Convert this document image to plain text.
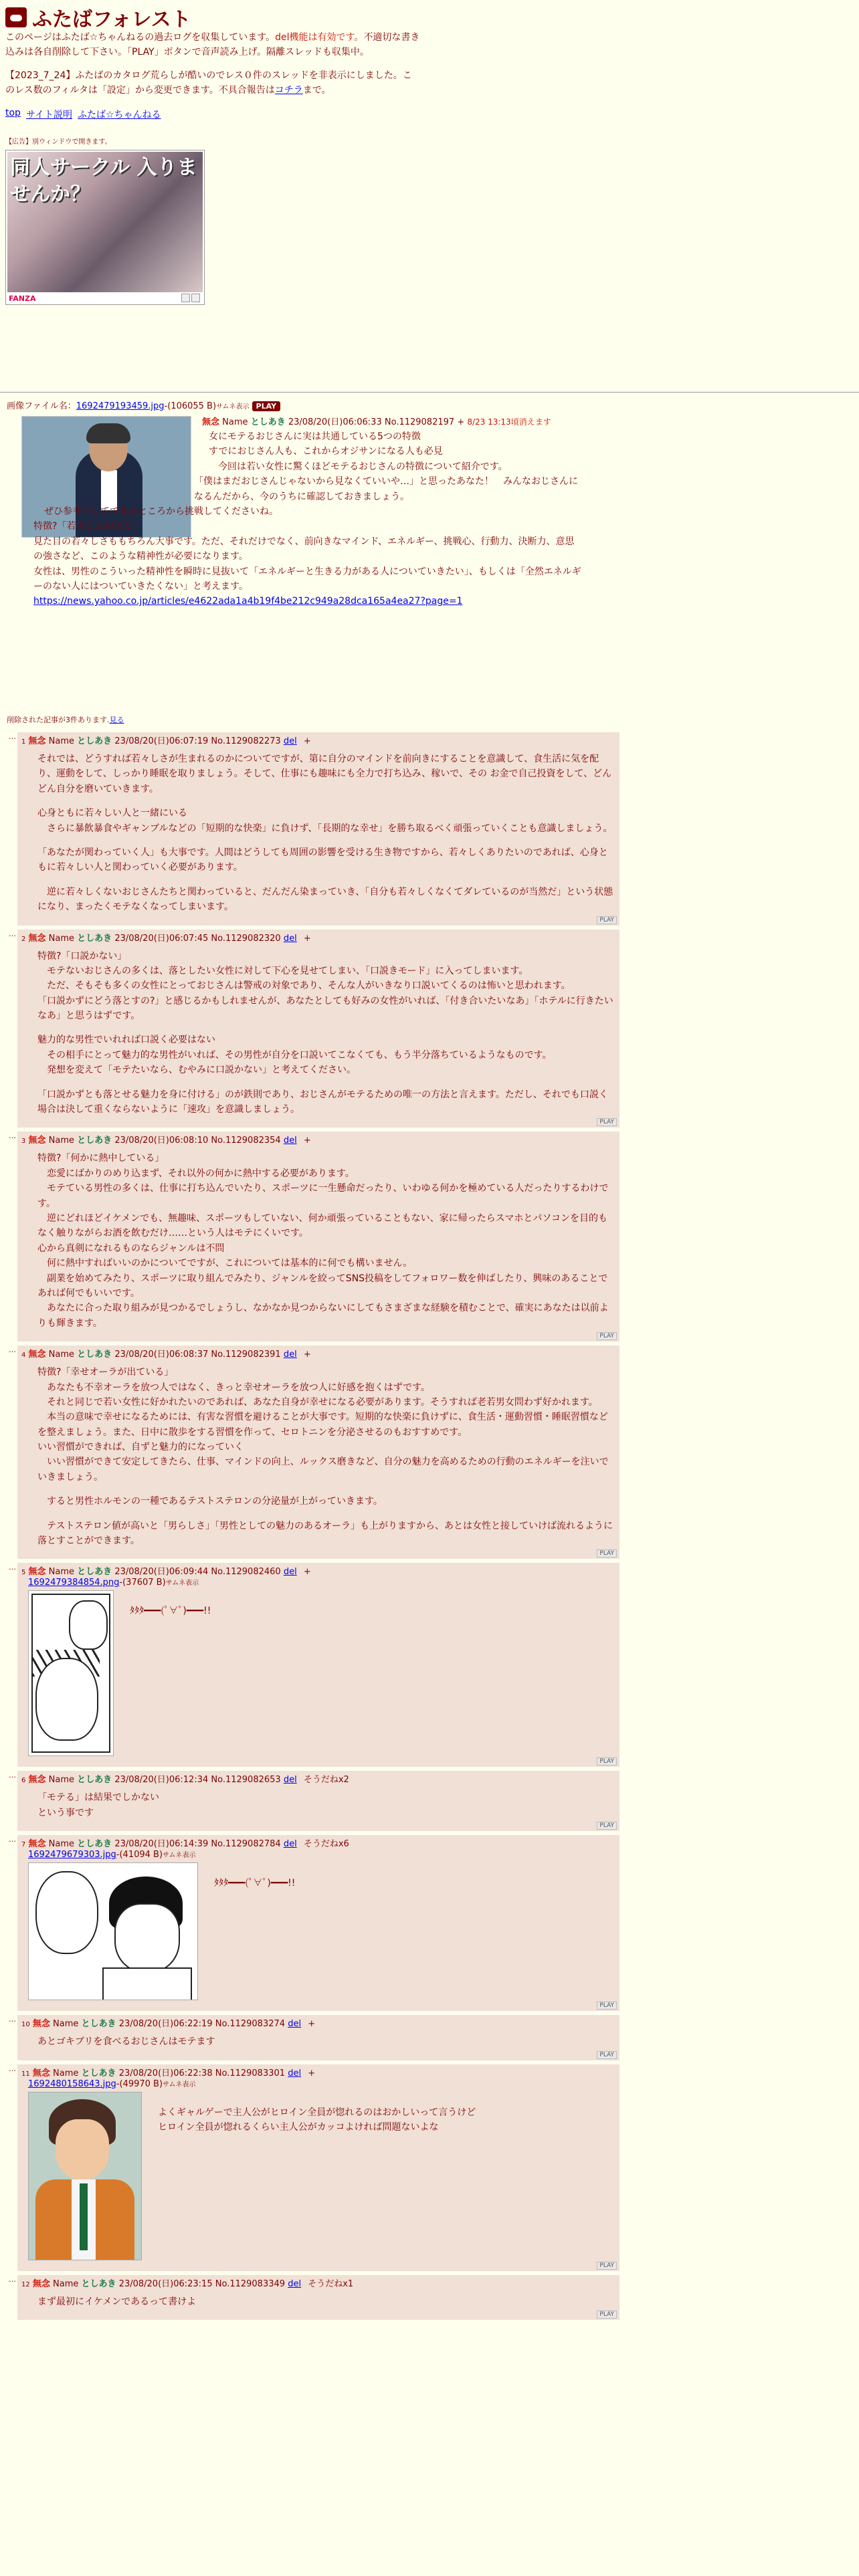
ふたばフォレスト

このページはふたば☆ちゃんねるの過去ログを収集しています。del機能は有効です。不適切な書き込みは各自削除して下さい。「PLAY」ボタンで音声読み上げ。隔離スレッドも収集中。

【2023_7_24】ふたばのカタログ荒らしが酷いのでレス０件のスレッドを非表示にしました。このレス数のフィルタは「設定」から変更できます。不具合報告はコチラまで。

top サイト説明 ふたば☆ちゃんねる
【広告】別ウィンドウで開きます。
同人サークル 入りませんか？
FANZA
画像ファイル名：1692479193459.jpg-(106055 B)サムネ表示 PLAY
無念 Name としあき 23/08/20(日)06:06:33 No.1129082197 + 8/23 13:13頃消えます
女にモテるおじさんに実は共通している5つの特徴
すでにおじさん人も、これからオジサンになる人も必見
　今回は若い女性に驚くほどモテるおじさんの特徴について紹介です。
「僕はまだおじさんじゃないから見なくていいや…」と思ったあなた！　みんなおじさんになるんだから、今のうちに確認しておきましょう。
ぜひ参考にしてできるところから挑戦してくださいね。
特徴?「若々しさがある」
見た目の若々しさももちろん大事です。ただ、それだけでなく、前向きなマインド、エネルギー、挑戦心、行動力、決断力、意思の強さなど、このような精神性が必要になります。
女性は、男性のこういった精神性を瞬時に見抜いて「エネルギーと生きる力がある人についていきたい」、もしくは「全然エネルギーのない人にはついていきたくない」と考えます。
https://news.yahoo.co.jp/articles/e4622ada1a4b19f4be212c949a28dca165a4ea27?page=1
削除された記事が3件あります.見る
…
1 無念 Name としあき 23/08/20(日)06:07:19 No.1129082273 del +
それでは、どうすれば若々しさが生まれるのかについてですが、第に自分のマインドを前向きにすることを意識して、食生活に気を配り、運動をして、しっかり睡眠を取りましょう。そして、仕事にも趣味にも全力で打ち込み、稼いで、その お金で自己投資をして、どんどん自分を磨いていきます。
心身ともに若々しい人と一緒にいる
　さらに暴飲暴食やギャンブルなどの「短期的な快楽」に負けず、「長期的な幸せ」を勝ち取るべく頑張っていくことも意識しましょう。
「あなたが関わっていく人」も大事です。人間はどうしても周囲の影響を受ける生き物ですから、若々しくありたいのであれば、心身ともに若々しい人と関わっていく必要があります。
　逆に若々しくないおじさんたちと関わっていると、だんだん染まっていき、「自分も若々しくなくてダレているのが当然だ」という状態になり、まったくモテなくなってしまいます。
PLAY
…
2 無念 Name としあき 23/08/20(日)06:07:45 No.1129082320 del +
特徴?「口説かない」
　モテないおじさんの多くは、落としたい女性に対して下心を見せてしまい、「口説きモード」に入ってしまいます。
　ただ、そもそも多くの女性にとっておじさんは警戒の対象であり、そんな人がいきなり口説いてくるのは怖いと思われます。
「口説かずにどう落とすの?」と感じるかもしれませんが、あなたとしても好みの女性がいれば、「付き合いたいなあ」「ホテルに行きたいなあ」と思うはずです。
魅力的な男性でいれれば口説く必要はない
　その相手にとって魅力的な男性がいれば、その男性が自分を口説いてこなくても、もう半分落ちているようなものです。
　発想を変えて「モテたいなら、むやみに口説かない」と考えてください。
「口説かずとも落とせる魅力を身に付ける」のが鉄則であり、おじさんがモテるための唯一の方法と言えます。ただし、それでも口説く場合は決して重くならないように「速攻」を意識しましょう。
PLAY
…
3 無念 Name としあき 23/08/20(日)06:08:10 No.1129082354 del +
特徴?「何かに熱中している」
　恋愛にばかりのめり込まず、それ以外の何かに熱中する必要があります。
　モテている男性の多くは、仕事に打ち込んでいたり、スポーツに一生懸命だったり、いわゆる何かを極めている人だったりするわけです。
　逆にどれほどイケメンでも、無趣味、スポーツもしていない、何か頑張っていることもない、家に帰ったらスマホとパソコンを目的もなく触りながらお酒を飲むだけ……という人はモテにくいです。
心から真剣になれるものならジャンルは不問
　何に熱中すればいいのかについてですが、これについては基本的に何でも構いません。
　副業を始めてみたり、スポーツに取り組んでみたり、ジャンルを絞ってSNS投稿をしてフォロワー数を伸ばしたり、興味のあることであれば何でもいいです。
　あなたに合った取り組みが見つかるでしょうし、なかなか見つからないにしてもさまざまな経験を積むことで、確実にあなたは以前よりも輝きます。
PLAY
…
4 無念 Name としあき 23/08/20(日)06:08:37 No.1129082391 del +
特徴?「幸せオーラが出ている」
　あなたも不幸オーラを放つ人ではなく、きっと幸せオーラを放つ人に好感を抱くはずです。
　それと同じで若い女性に好かれたいのであれば、あなた自身が幸せになる必要があります。そうすれば老若男女問わず好かれます。
　本当の意味で幸せになるためには、有害な習慣を避けることが大事です。短期的な快楽に負けずに、食生活・運動習慣・睡眠習慣などを整えましょう。また、日中に散歩をする習慣を作って、セロトニンを分泌させるのもおすすめです。
いい習慣ができれば、自ずと魅力的になっていく
　いい習慣ができて安定してきたら、仕事、マインドの向上、ルックス磨きなど、自分の魅力を高めるための行動のエネルギーを注いでいきましょう。
　すると男性ホルモンの一種であるテストステロンの分泌量が上がっていきます。
　テストステロン値が高いと「男らしさ」「男性としての魅力のあるオーラ」も上がりますから、あとは女性と接していけば流れるように落とすことができます。
PLAY
…
5 無念 Name としあき 23/08/20(日)06:09:44 No.1129082460 del +
1692479384854.png-(37607 B)サムネ表示
ﾀﾀﾀ━━━(ﾟ∀ﾟ)━━━!!
PLAY
…
6 無念 Name としあき 23/08/20(日)06:12:34 No.1129082653 del そうだねx2
「モテる」は結果でしかない
という事です
PLAY
…
7 無念 Name としあき 23/08/20(日)06:14:39 No.1129082784 del そうだねx6
1692479679303.jpg-(41094 B)サムネ表示
ﾀﾀﾀ━━━(ﾟ∀ﾟ)━━━!!
PLAY
…
10 無念 Name としあき 23/08/20(日)06:22:19 No.1129083274 del +
あとゴキブリを食べるおじさんはモテます
PLAY
…
11 無念 Name としあき 23/08/20(日)06:22:38 No.1129083301 del +
1692480158643.jpg-(49970 B)サムネ表示
よくギャルゲーで主人公がヒロイン全員が惚れるのはおかしいって言うけど
ヒロイン全員が惚れるくらい主人公がカッコよければ問題ないよな
PLAY
…
12 無念 Name としあき 23/08/20(日)06:23:15 No.1129083349 del そうだねx1
まず最初にイケメンであるって書けよ
PLAY
